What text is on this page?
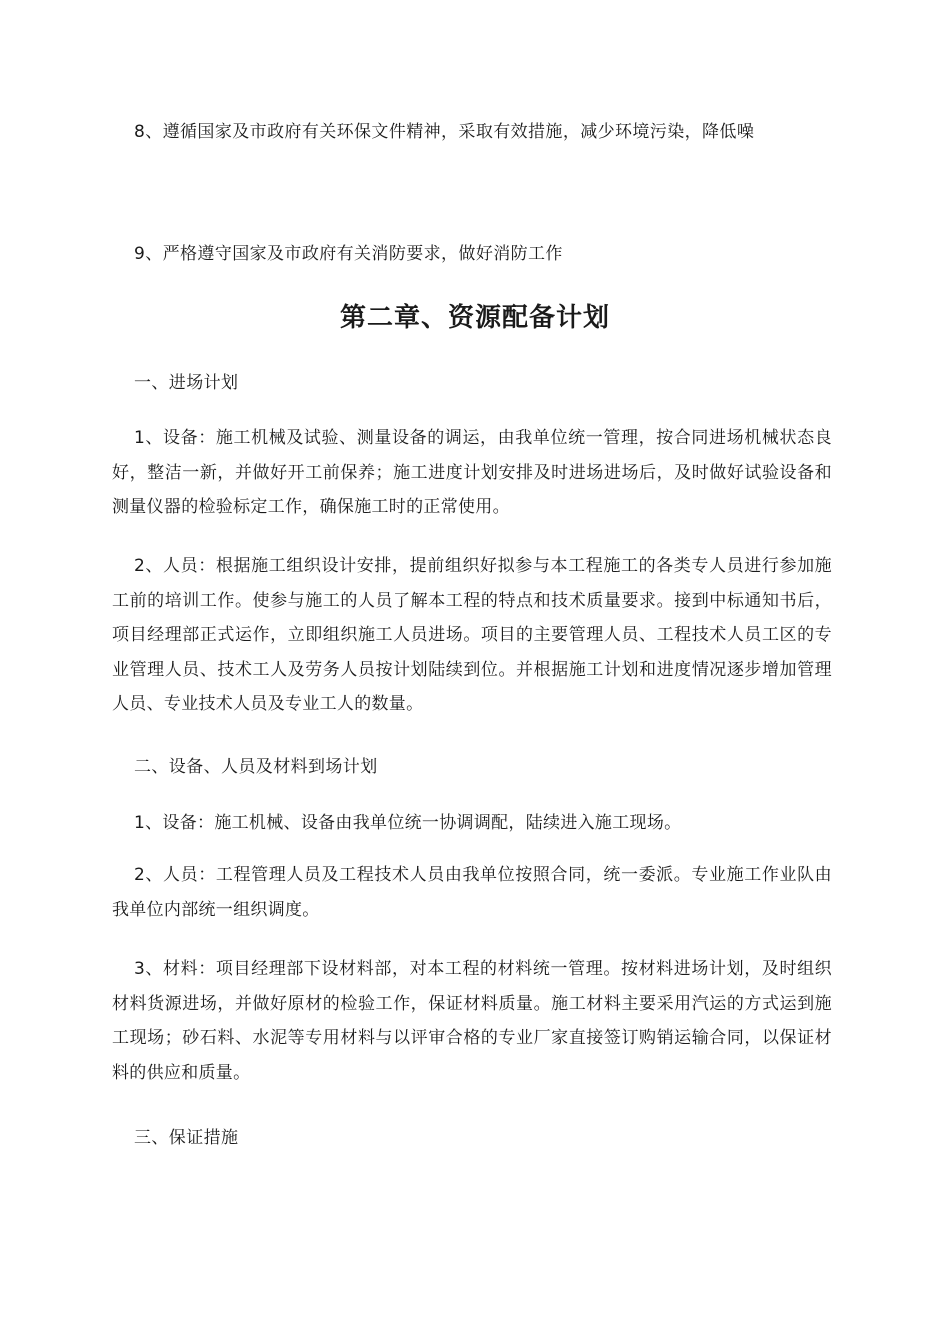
8、遵循国家及市政府有关环保文件精神，采取有效措施，减少环境污染，降低噪

9、严格遵守国家及市政府有关消防要求，做好消防工作

第二章、资源配备计划

一、进场计划

1、设备：施工机械及试验、测量设备的调运，由我单位统一管理，按合同进场机械状态良好，整洁一新，并做好开工前保养；施工进度计划安排及时进场进场后，及时做好试验设备和测量仪器的检验标定工作，确保施工时的正常使用。

2、人员：根据施工组织设计安排，提前组织好拟参与本工程施工的各类专人员进行参加施工前的培训工作。使参与施工的人员了解本工程的特点和技术质量要求。接到中标通知书后，项目经理部正式运作，立即组织施工人员进场。项目的主要管理人员、工程技术人员工区的专业管理人员、技术工人及劳务人员按计划陆续到位。并根据施工计划和进度情况逐步增加管理人员、专业技术人员及专业工人的数量。

二、设备、人员及材料到场计划

1、设备：施工机械、设备由我单位统一协调调配，陆续进入施工现场。

2、人员：工程管理人员及工程技术人员由我单位按照合同，统一委派。专业施工作业队由我单位内部统一组织调度。

3、材料：项目经理部下设材料部，对本工程的材料统一管理。按材料进场计划，及时组织材料货源进场，并做好原材的检验工作，保证材料质量。施工材料主要采用汽运的方式运到施工现场；砂石料、水泥等专用材料与以评审合格的专业厂家直接签订购销运输合同，以保证材料的供应和质量。

三、保证措施
